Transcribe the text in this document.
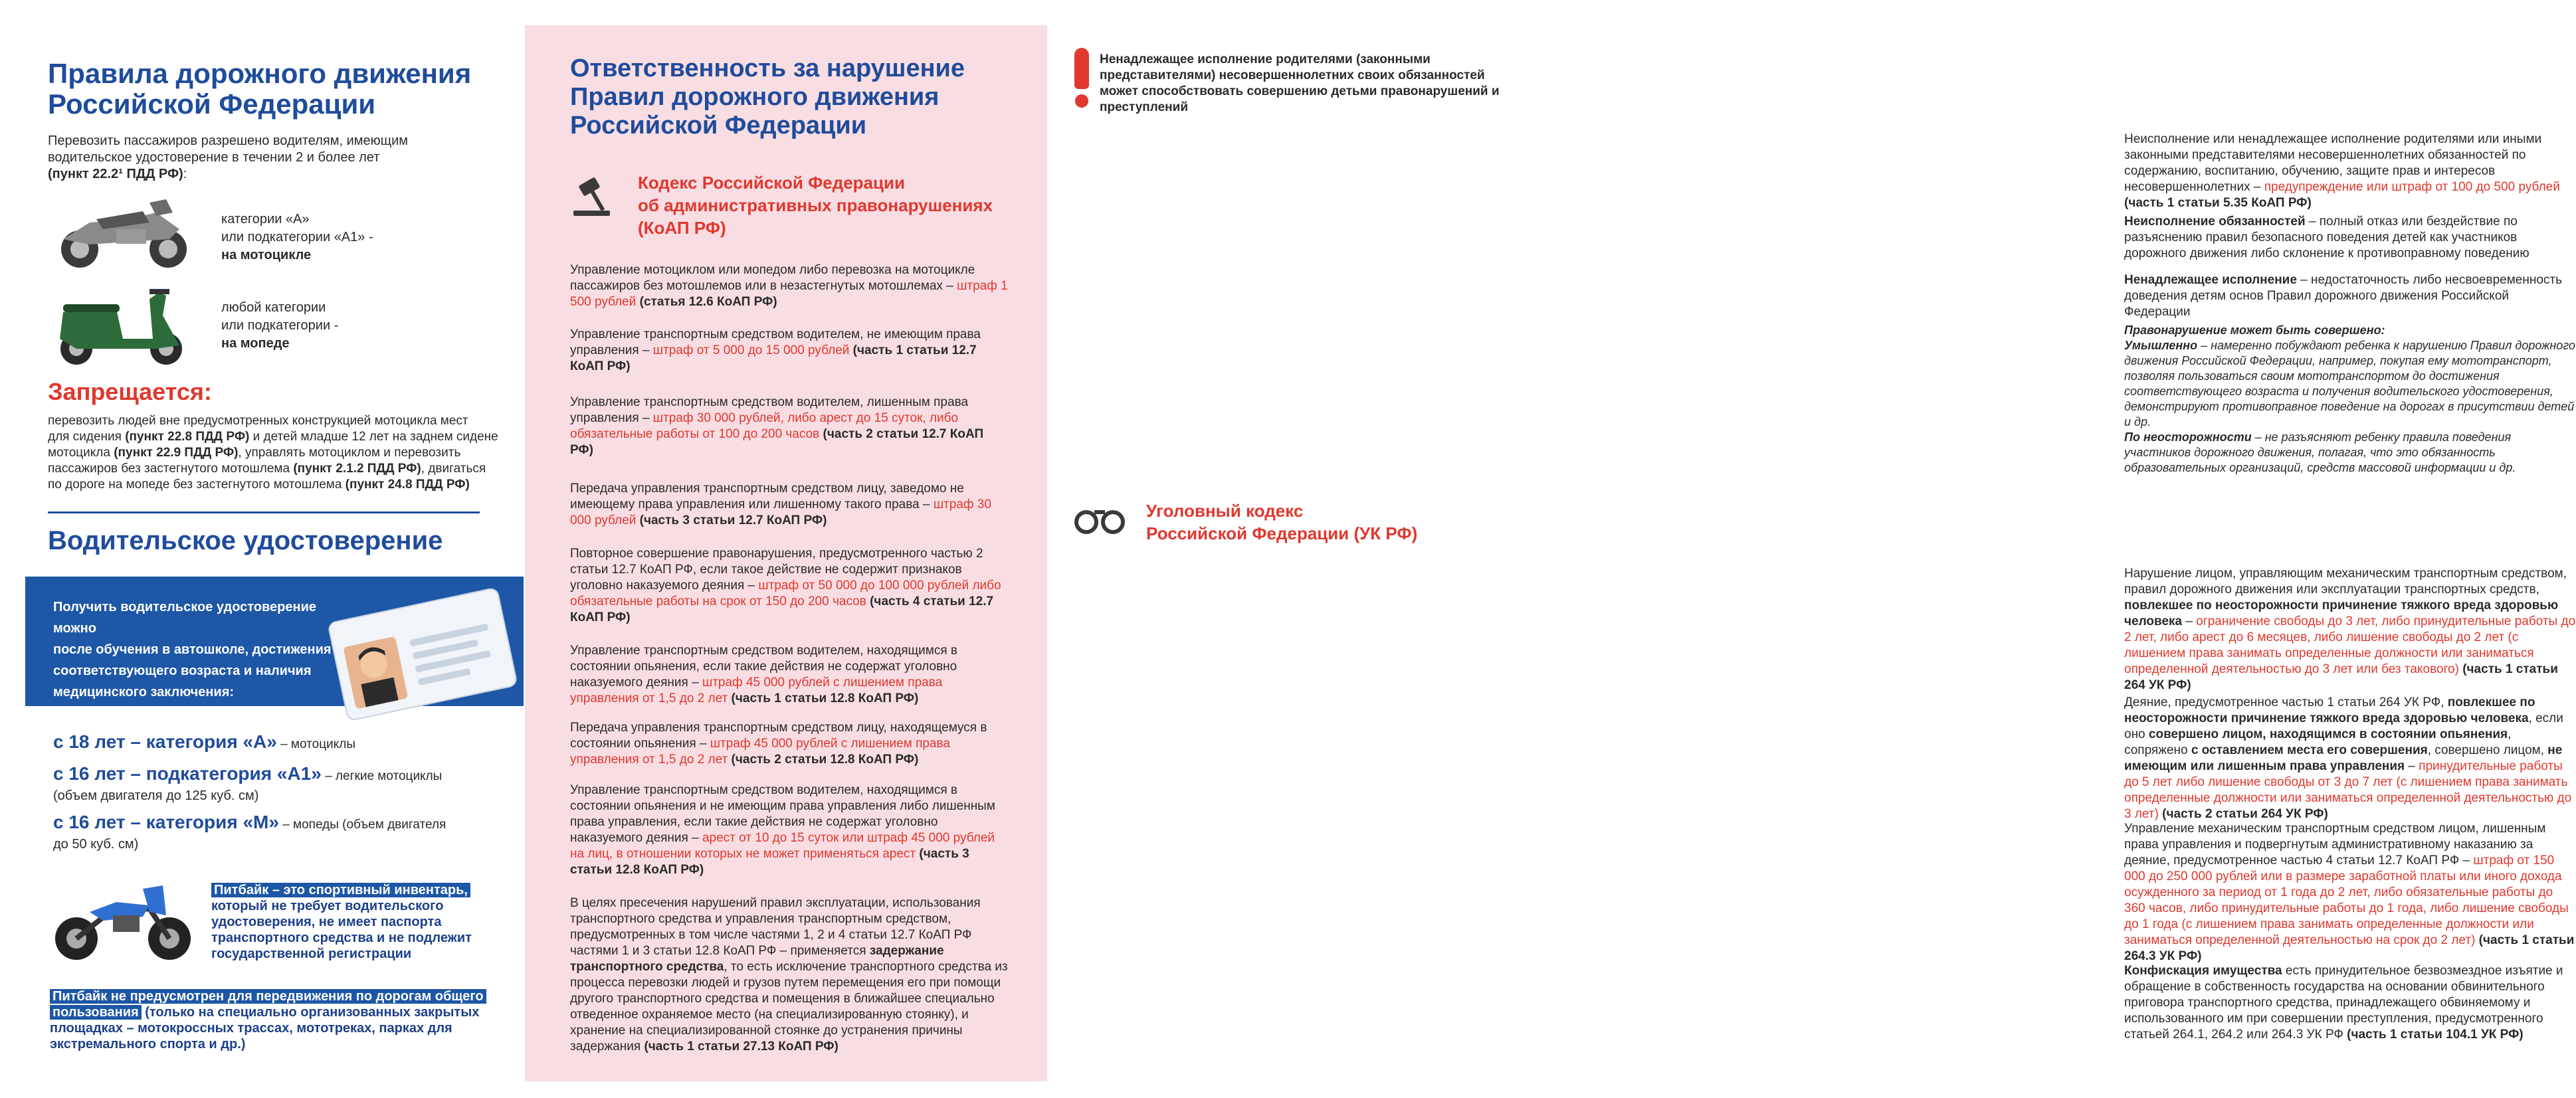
Правила дорожного движения
Российской Федерации
Перевозить пассажиров разрешено водителям, имеющим
водительское удостоверение в течении 2 и более лет
(пункт 22.2¹ ПДД РФ):
категории «А»
или подкатегории «А1» -
на мотоцикле
любой категории
или подкатегории -
на мопеде
Запрещается:
перевозить людей вне предусмотренных конструкцией мотоцикла мест
для сидения (пункт 22.8 ПДД РФ) и детей младше 12 лет на заднем сидене
мотоцикла (пункт 22.9 ПДД РФ), управлять мотоциклом и перевозить
пассажиров без застегнутого мотошлема (пункт 2.1.2 ПДД РФ), двигаться
по дороге на мопеде без застегнутого мотошлема (пункт 24.8 ПДД РФ)
Водительское удостоверение
Получить водительское удостоверение можно
после обучения в автошколе, достижения
соответствующего возраста и наличия
медицинского заключения:
с 18 лет – категория «А» – мотоциклы
с 16 лет – подкатегория «А1» – легкие мотоциклы
(объем двигателя до 125 куб. см)
с 16 лет – категория «М» – мопеды (объем двигателя
до 50 куб. см)
Питбайк – это спортивный инвентарь,
который не требует водительского
удостоверения, не имеет паспорта
транспортного средства и не подлежит
государственной регистрации
Питбайк не предусмотрен для передвижения по дорогам общего пользования (только на специально организованных закрытых площадках – мотокроссных трассах, мототреках, парках для экстремального спорта и др.)
Ответственность за нарушение
Правил дорожного движения
Российской Федерации
Кодекс Российской Федерации
об административных правонарушениях
(КоАП РФ)
Управление мотоциклом или мопедом либо перевозка на мотоцикле пассажиров без мотошлемов или в незастегнутых мотошлемах – штраф 1 500 рублей (статья 12.6 КоАП РФ)
Управление транспортным средством водителем, не имеющим права управления – штраф от 5 000 до 15 000 рублей (часть 1 статьи 12.7 КоАП РФ)
Управление транспортным средством водителем, лишенным права управления – штраф 30 000 рублей, либо арест до 15 суток, либо обязательные работы от 100 до 200 часов (часть 2 статьи 12.7 КоАП РФ)
Передача управления транспортным средством лицу, заведомо не имеющему права управления или лишенному такого права – штраф 30 000 рублей (часть 3 статьи 12.7 КоАП РФ)
Повторное совершение правонарушения, предусмотренного частью 2 статьи 12.7 КоАП РФ, если такое действие не содержит признаков уголовно наказуемого деяния – штраф от 50 000 до 100 000 рублей либо обязательные работы на срок от 150 до 200 часов (часть 4 статьи 12.7 КоАП РФ)
Управление транспортным средством водителем, находящимся в состоянии опьянения, если такие действия не содержат уголовно наказуемого деяния – штраф 45 000 рублей с лишением права управления от 1,5 до 2 лет (часть 1 статьи 12.8 КоАП РФ)
Передача управления транспортным средством лицу, находящемуся в состоянии опьянения – штраф 45 000 рублей с лишением права управления от 1,5 до 2 лет (часть 2 статьи 12.8 КоАП РФ)
Управление транспортным средством водителем, находящимся в состоянии опьянения и не имеющим права управления либо лишенным права управления, если такие действия не содержат уголовно наказуемого деяния – арест от 10 до 15 суток или штраф 45 000 рублей на лиц, в отношении которых не может применяться арест (часть 3 статьи 12.8 КоАП РФ)
В целях пресечения нарушений правил эксплуатации, использования транспортного средства и управления транспортным средством, предусмотренных в том числе частями 1, 2 и 4 статьи 12.7 КоАП РФ частями 1 и 3 статьи 12.8 КоАП РФ – применяется задержание транспортного средства, то есть исключение транспортного средства из процесса перевозки людей и грузов путем перемещения его при помощи другого транспортного средства и помещения в ближайшее специально отведенное охраняемое место (на специализированную стоянку), и хранение на специализированной стоянке до устранения причины задержания (часть 1 статьи 27.13 КоАП РФ)
Ненадлежащее исполнение родителями (законными представителями) несовершеннолетних своих обязанностей может способствовать совершению детьми правонарушений и преступлений
Неисполнение или ненадлежащее исполнение родителями или иными законными представителями несовершеннолетних обязанностей по содержанию, воспитанию, обучению, защите прав и интересов несовершеннолетних – предупреждение или штраф от 100 до 500 рублей (часть 1 статьи 5.35 КоАП РФ)
Неисполнение обязанностей – полный отказ или бездействие по разъяснению правил безопасного поведения детей как участников дорожного движения либо склонение к противоправному поведению
Ненадлежащее исполнение – недостаточность либо несвоевременность доведения детям основ Правил дорожного движения Российской Федерации
Правонарушение может быть совершено:
Умышленно – намеренно побуждают ребенка к нарушению Правил дорожного движения Российской Федерации, например, покупая ему мототранспорт, позволяя пользоваться своим мототранспортом до достижения соответствующего возраста и получения водительского удостоверения, демонстрируют противоправное поведение на дорогах в присутствии детей и др.
По неосторожности – не разъясняют ребенку правила поведения участников дорожного движения, полагая, что это обязанность образовательных организаций, средств массовой информации и др.
Уголовный кодекс
Российской Федерации (УК РФ)
Нарушение лицом, управляющим механическим транспортным средством, правил дорожного движения или эксплуатации транспортных средств, повлекшее по неосторожности причинение тяжкого вреда здоровью человека – ограничение свободы до 3 лет, либо принудительные работы до 2 лет, либо арест до 6 месяцев, либо лишение свободы до 2 лет (с лишением права занимать определенные должности или заниматься определенной деятельностью до 3 лет или без такового) (часть 1 статьи 264 УК РФ)
Деяние, предусмотренное частью 1 статьи 264 УК РФ, повлекшее по неосторожности причинение тяжкого вреда здоровью человека, если оно совершено лицом, находящимся в состоянии опьянения, сопряжено с оставлением места его совершения, совершено лицом, не имеющим или лишенным права управления – принудительные работы до 5 лет либо лишение свободы от 3 до 7 лет (с лишением права занимать определенные должности или заниматься определенной деятельностью до 3 лет) (часть 2 статьи 264 УК РФ)
Управление механическим транспортным средством лицом, лишенным права управления и подвергнутым административному наказанию за деяние, предусмотренное частью 4 статьи 12.7 КоАП РФ – штраф от 150 000 до 250 000 рублей или в размере заработной платы или иного дохода осужденного за период от 1 года до 2 лет, либо обязательные работы до 360 часов, либо принудительные работы до 1 года, либо лишение свободы до 1 года (с лишением права занимать определенные должности или заниматься определенной деятельностью на срок до 2 лет) (часть 1 статьи 264.3 УК РФ)
Конфискация имущества есть принудительное безвозмездное изъятие и обращение в собственность государства на основании обвинительного приговора транспортного средства, принадлежащего обвиняемому и использованного им при совершении преступления, предусмотренного статьей 264.1, 264.2 или 264.3 УК РФ (часть 1 статьи 104.1 УК РФ)
